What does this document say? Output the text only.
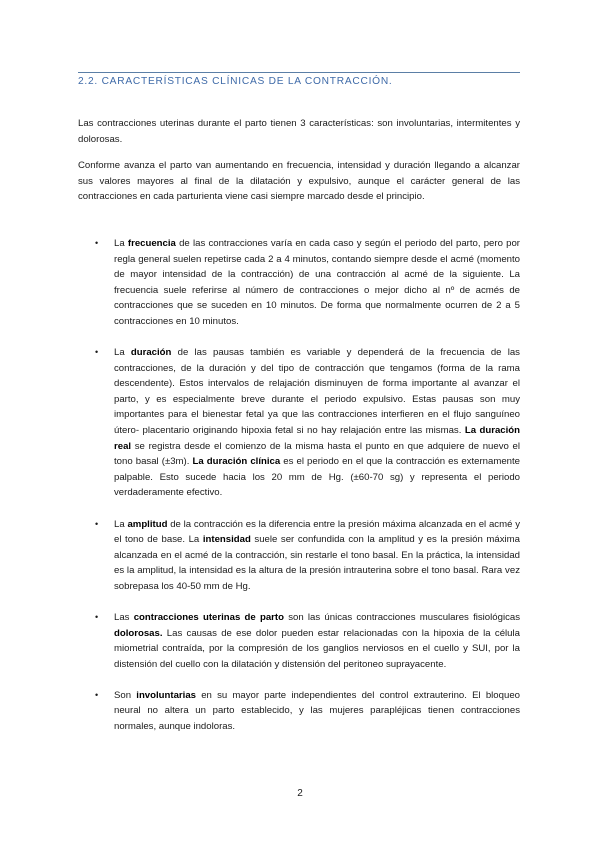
2.2. CARACTERÍSTICAS CLÍNICAS DE LA CONTRACCIÓN.

Las contracciones uterinas durante el parto tienen 3 características: son involuntarias, intermitentes y dolorosas.

Conforme avanza el parto van aumentando en frecuencia, intensidad y duración llegando a alcanzar sus valores mayores al final de la dilatación y expulsivo, aunque el carácter general de las contracciones en cada parturienta viene casi siempre marcado desde el principio.

• La frecuencia de las contracciones varía en cada caso y según el periodo del parto, pero por regla general suelen repetirse cada 2 a 4 minutos, contando siempre desde el acmé (momento de mayor intensidad de la contracción) de una contracción al acmé de la siguiente. La frecuencia suele referirse al número de contracciones o mejor dicho al nº de acmés de contracciones que se suceden en 10 minutos. De forma que normalmente ocurren de 2 a 5 contracciones en 10 minutos.
• La duración de las pausas también es variable y dependerá de la frecuencia de las contracciones, de la duración y del tipo de contracción que tengamos (forma de la rama descendente). Estos intervalos de relajación disminuyen de forma importante al avanzar el parto, y es especialmente breve durante el periodo expulsivo. Estas pausas son muy importantes para el bienestar fetal ya que las contracciones interfieren en el flujo sanguíneo útero- placentario originando hipoxia fetal si no hay relajación entre las mismas. La duración real se registra desde el comienzo de la misma hasta el punto en que adquiere de nuevo el tono basal (±3m). La duración clínica es el periodo en el que la contracción es externamente palpable. Esto sucede hacia los 20 mm de Hg. (±60-70 sg) y representa el periodo verdaderamente efectivo.
• La amplitud de la contracción es la diferencia entre la presión máxima alcanzada en el acmé y el tono de base. La intensidad suele ser confundida con la amplitud y es la presión máxima alcanzada en el acmé de la contracción, sin restarle el tono basal. En la práctica, la intensidad es la amplitud, la intensidad es la altura de la presión intrauterina sobre el tono basal. Rara vez sobrepasa los 40-50 mm de Hg.
• Las contracciones uterinas de parto son las únicas contracciones musculares fisiológicas dolorosas. Las causas de ese dolor pueden estar relacionadas con la hipoxia de la célula miometrial contraída, por la compresión de los ganglios nerviosos en el cuello y SUI, por la distensión del cuello con la dilatación y distensión del peritoneo suprayacente.
• Son involuntarias en su mayor parte independientes del control extrauterino. El bloqueo neural no altera un parto establecido, y las mujeres parapléjicas tienen contracciones normales, aunque indoloras.
2
